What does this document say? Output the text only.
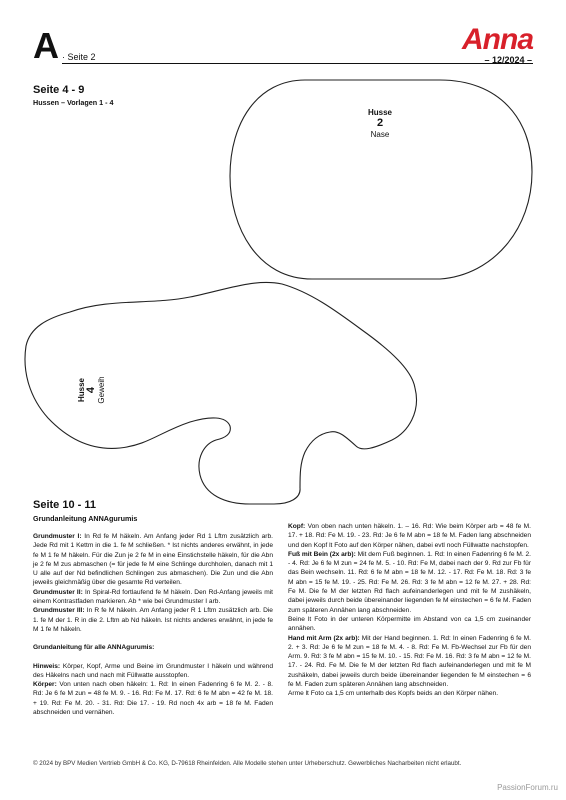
A · Seite 2
Anna
– 12/2024 –
Seite 4 - 9
Hussen – Vorlagen 1 - 4
Husse
2
Nase
Husse 4 Geweih
Seite 10 - 11
Grundanleitung ANNAgurumis

Grundmuster I: In Rd fe M häkeln. Am Anfang jeder Rd 1 Lftm zusätzlich arb. Jede Rd mit 1 Kettm in die 1. fe M schließen. * Ist nichts anderes erwähnt, in jede fe M 1 fe M häkeln. Für die Zun je 2 fe M in eine Einstichstelle häkeln, für die Abn je 2 fe M zus abmaschen (= für jede fe M eine Schlinge durchholen, danach mit 1 U alle auf der Nd befindlichen Schlingen zus abmaschen). Die Zun und die Abn jeweils gleichmäßig über die gesamte Rd verteilen.

Grundmuster II: In Spiral-Rd fortlaufend fe M häkeln. Den Rd-Anfang jeweils mit einem Kontrastfaden markieren. Ab * wie bei Grundmuster I arb.

Grundmuster III: In R fe M häkeln. Am Anfang jeder R 1 Lftm zusätzlich arb. Die 1. fe M der 1. R in die 2. Lftm ab Nd häkeln. Ist nichts anderes erwähnt, in jede fe M 1 fe M häkeln.

Grundanleitung für alle ANNAgurumis:

Hinweis: Körper, Kopf, Arme und Beine im Grundmuster I häkeln und während des Häkelns nach und nach mit Füllwatte ausstopfen.

Körper: Von unten nach oben häkeln: 1. Rd: In einen Fadenring 6 fe M. 2. - 8. Rd: Je 6 fe M zun = 48 fe M. 9. - 16. Rd: Fe M. 17. Rd: 6 fe M abn = 42 fe M. 18. + 19. Rd: Fe M. 20. - 31. Rd: Die 17. - 19. Rd noch 4x arb = 18 fe M. Faden abschneiden und vernähen.

Kopf: Von oben nach unten häkeln. 1. – 16. Rd: Wie beim Körper arb = 48 fe M. 17. + 18. Rd: Fe M. 19. - 23. Rd: Je 6 fe M abn = 18 fe M. Faden lang abschneiden und den Kopf lt Foto auf den Körper nähen, dabei evtl noch Füllwatte nachstopfen.

Fuß mit Bein (2x arb): Mit dem Fuß beginnen. 1. Rd: In einen Fadenring 6 fe M. 2. - 4. Rd: Je 6 fe M zun = 24 fe M. 5. - 10. Rd: Fe M, dabei nach der 9. Rd zur Fb für das Bein wechseln. 11. Rd: 6 fe M abn = 18 fe M. 12. - 17. Rd: Fe M. 18. Rd: 3 fe M abn = 15 fe M. 19. - 25. Rd: Fe M. 26. Rd: 3 fe M abn = 12 fe M. 27. + 28. Rd: Fe M. Die fe M der letzten Rd flach aufeinanderlegen und mit fe M zushäkeln, dabei jeweils durch beide übereinander liegenden fe M einstechen = 6 fe M. Faden zum späteren Annähen lang abschneiden.

Beine lt Foto in der unteren Körpermitte im Abstand von ca 1,5 cm zueinander annähen.

Hand mit Arm (2x arb): Mit der Hand beginnen. 1. Rd: In einen Fadenring 6 fe M. 2. + 3. Rd: Je 6 fe M zun = 18 fe M. 4. - 8. Rd: Fe M. Fb-Wechsel zur Fb für den Arm. 9. Rd: 3 fe M abn = 15 fe M. 10. - 15. Rd: Fe M. 16. Rd: 3 fe M abn = 12 fe M. 17. - 24. Rd. Fe M. Die fe M der letzten Rd flach aufeinanderlegen und mit fe M zushäkeln, dabei jeweils durch beide übereinander liegenden fe M einstechen = 6 fe M. Faden zum späteren Annähen lang abschneiden.

Arme lt Foto ca 1,5 cm unterhalb des Kopfs beids an den Körper nähen.

© 2024 by BPV Medien Vertrieb GmbH & Co. KG, D-79618 Rheinfelden. Alle Modelle stehen unter Urheberschutz. Gewerbliches Nacharbeiten nicht erlaubt.
PassionForum.ru
